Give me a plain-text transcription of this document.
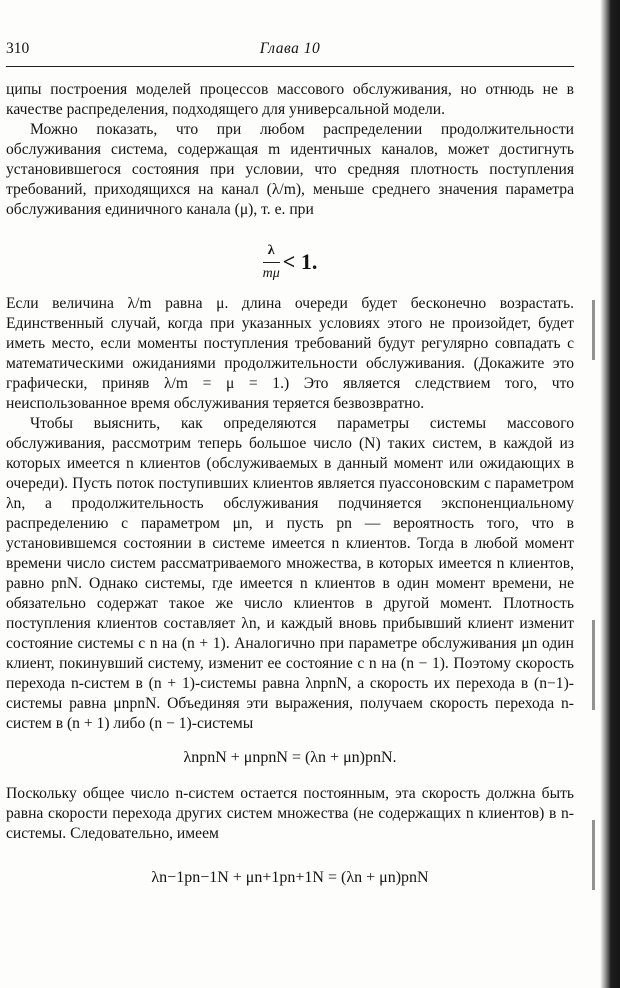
310	Глава 10

ципы построения моделей процессов массового обслуживания, но отнюдь не в качестве распределения, подходящего для универсальной модели.

Можно показать, что при любом распределении продолжительности обслуживания система, содержащая m идентичных каналов, может достигнуть установившегося состояния при условии, что средняя плотность поступления требований, приходящихся на канал (λ/m), меньше среднего значения параметра обслуживания единичного канала (μ), т. е. при

$\frac{\lambda}{m\mu} < 1$.

Если величина λ/m равна μ. длина очереди будет бесконечно возрастать. Единственный случай, когда при указанных условиях этого не произойдет, будет иметь место, если моменты поступления требований будут регулярно совпадать с математическими ожиданиями продолжительности обслуживания. (Докажите это графически, приняв λ/m = μ = 1.) Это является следствием того, что неиспользованное время обслуживания теряется безвозвратно.

Чтобы выяснить, как определяются параметры системы массового обслуживания, рассмотрим теперь большое число (N) таких систем, в каждой из которых имеется n клиентов (обслуживаемых в данный момент или ожидающих в очереди). Пусть поток поступивших клиентов является пуассоновским с параметром λn, а продолжительность обслуживания подчиняется экспоненциальному распределению с параметром μn, и пусть pn — вероятность того, что в установившемся состоянии в системе имеется n клиентов. Тогда в любой момент времени число систем рассматриваемого множества, в которых имеется n клиентов, равно pnN. Однако системы, где имеется n клиентов в один момент времени, не обязательно содержат такое же число клиентов в другой момент. Плотность поступления клиентов составляет λn, и каждый вновь прибывший клиент изменит состояние системы с n на (n + 1). Аналогично при параметре обслуживания μn один клиент, покинувший систему, изменит ее состояние с n на (n − 1). Поэтому скорость перехода n-систем в (n + 1)-системы равна λnpnN, а скорость их перехода в (n−1)-системы равна μnpnN. Объединяя эти выражения, получаем скорость перехода n-систем в (n + 1) либо (n − 1)-системы

λnpnN + μnpnN = (λn + μn)pnN.

Поскольку общее число n-систем остается постоянным, эта скорость должна быть равна скорости перехода других систем множества (не содержащих n клиентов) в n-системы. Следовательно, имеем

λn−1pn−1N + μn+1pn+1N = (λn + μn)pnN
